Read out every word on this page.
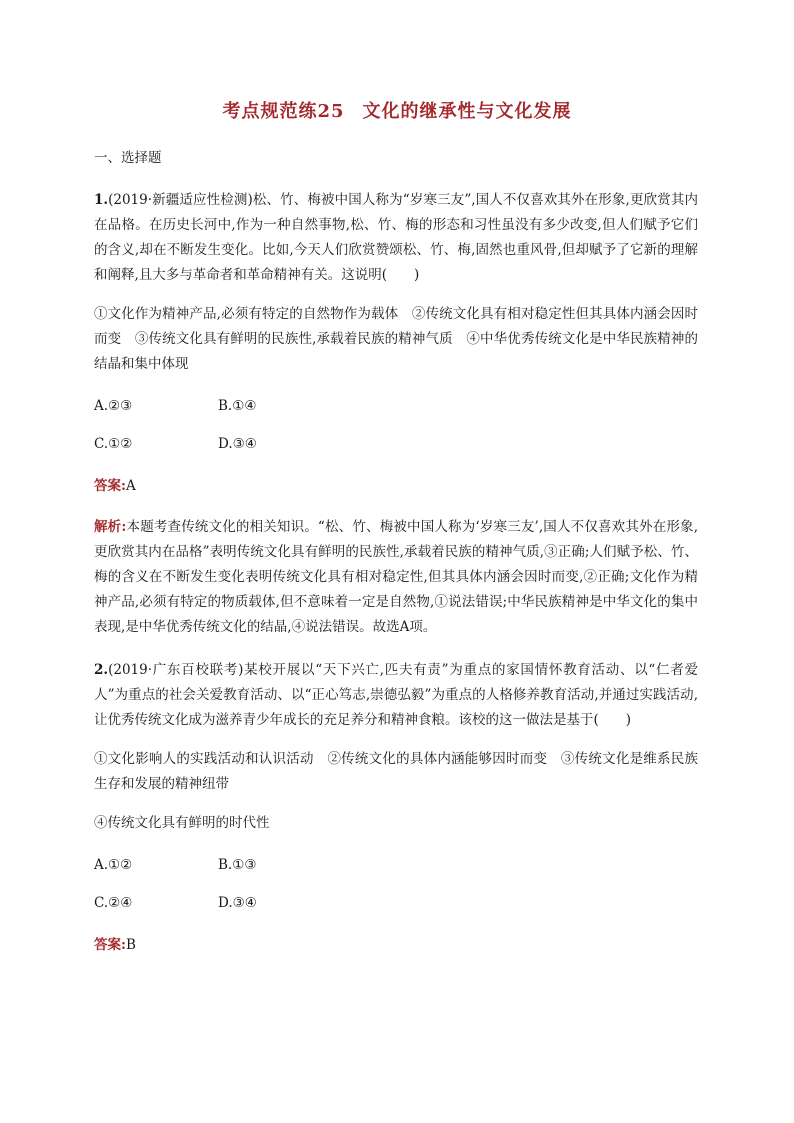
考点规范练25 文化的继承性与文化发展
一、选择题
1.(2019·新疆适应性检测)松、竹、梅被中国人称为“岁寒三友”,国人不仅喜欢其外在形象,更欣赏其内在品格。在历史长河中,作为一种自然事物,松、竹、梅的形态和习性虽没有多少改变,但人们赋予它们的含义,却在不断发生变化。比如,今天人们欣赏赞颂松、竹、梅,固然也重风骨,但却赋予了它新的理解和阐释,且大多与革命者和革命精神有关。这说明(　　)
①文化作为精神产品,必须有特定的自然物作为载体　②传统文化具有相对稳定性但其具体内涵会因时而变　③传统文化具有鲜明的民族性,承载着民族的精神气质　④中华优秀传统文化是中华民族精神的结晶和集中体现
A.②③	B.①④
C.①②	D.③④
答案:A
解析:本题考查传统文化的相关知识。“松、竹、梅被中国人称为‘岁寒三友’,国人不仅喜欢其外在形象,更欣赏其内在品格”表明传统文化具有鲜明的民族性,承载着民族的精神气质,③正确;人们赋予松、竹、梅的含义在不断发生变化表明传统文化具有相对稳定性,但其具体内涵会因时而变,②正确;文化作为精神产品,必须有特定的物质载体,但不意味着一定是自然物,①说法错误;中华民族精神是中华文化的集中表现,是中华优秀传统文化的结晶,④说法错误。故选A项。
2.(2019·广东百校联考)某校开展以“天下兴亡,匹夫有责”为重点的家国情怀教育活动、以“仁者爱人”为重点的社会关爱教育活动、以“正心笃志,崇德弘毅”为重点的人格修养教育活动,并通过实践活动,让优秀传统文化成为滋养青少年成长的充足养分和精神食粮。该校的这一做法是基于(　　)
①文化影响人的实践活动和认识活动　②传统文化的具体内涵能够因时而变　③传统文化是维系民族生存和发展的精神纽带
④传统文化具有鲜明的时代性
A.①②	B.①③
C.②④	D.③④
答案:B
